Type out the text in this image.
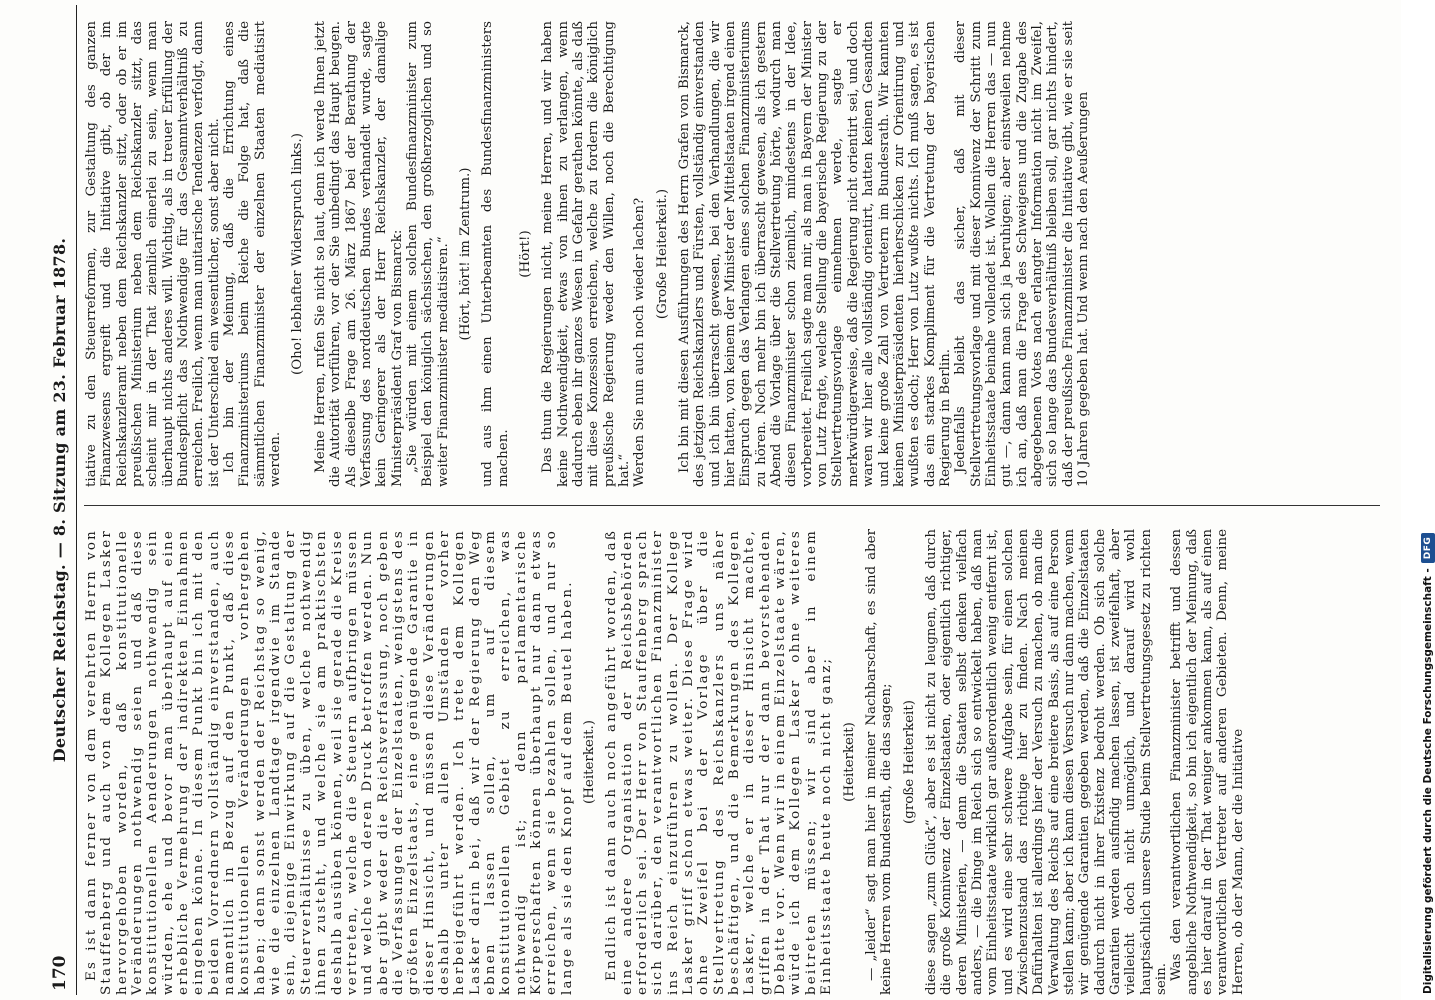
170
Deutscher Reichstag. — 8. Sitzung am 23. Februar 1878. Es ist dann ferner von dem verehrten Herrn von Stauffenberg und auch von dem Kollegen Lasker hervorgehoben worden, daß konstitutionelle Veränderungen nothwendig seien und daß diese konstitutionellen Aenderungen nothwendig sein würden, ehe und bevor man überhaupt auf eine erhebliche Vermehrung der indirekten Einnahmen eingehen könne. In diesem Punkt bin ich mit den beiden Vorrednern vollständig einverstanden, auch namentlich in Bezug auf den Punkt, daß diese konstitutionellen Veränderungen vorhergehen haben; denn sonst werden der Reichstag so wenig, wie die einzelnen Landtage irgendwie im Stande sein, diejenige Einwirkung auf die Gestaltung der Steuerverhältnisse zu üben, welche nothwendig ihnen zusteht, und welche sie am praktischsten deshalb ausüben können, weil sie gerade die Kreise vertreten, welche die Steuern aufbringen müssen und welche von deren Druck betroffen werden. Nun aber gibt weder die Reichsverfassung, noch geben die Verfassungen der Einzelstaaten, wenigstens des größten Einzelstaats, eine genügende Garantie in dieser Hinsicht, und müssen diese Veränderungen deshalb unter allen Umständen vorher herbeigeführt werden. Ich trete dem Kollegen Lasker darin bei, daß wir der Regierung den Weg ebnen lassen sollen, um auf diesem konstitutionellen Gebiet zu erreichen, was nothwendig ist; denn parlamentarische Körperschaften können überhaupt nur dann etwas erreichen, wenn sie bezahlen sollen, und nur so lange als sie den Knopf auf dem Beutel haben. (Heiterkeit.) Endlich ist dann auch noch angeführt worden, daß eine andere Organisation der Reichsbehörden erforderlich sei. Der Herr von Stauffenberg sprach sich darüber, den verantwortlichen Finanzminister ins Reich einzuführen zu wollen. Der Kollege Lasker griff schon etwas weiter. Diese Frage wird ohne Zweifel bei der Vorlage über die Stellvertretung des Reichskanzlers uns näher beschäftigen, und die Bemerkungen des Kollegen Lasker, welche er in dieser Hinsicht machte, griffen in der That nur der dann bevorstehenden Debatte vor. Wenn wir in einem Einzelstaate wären, würde ich dem Kollegen Lasker ohne weiteres beitreten müssen; wir sind aber in einem Einheitsstaate heute noch nicht ganz; (Heiterkeit) — „leider“ sagt man hier in meiner Nachbarschaft, es sind aber keine Herren vom Bundesrath, die das sagen; (große Heiterkeit) diese sagen „zum Glück“, aber es ist nicht zu leugnen, daß durch die große Konnivenz der Einzelstaaten, oder eigentlich richtiger, deren Ministerien, — denn die Staaten selbst denken vielfach anders, — die Dinge im Reich sich so entwickelt haben, daß man vom Einheitsstaate wirklich gar außerordentlich wenig entfernt ist, und es wird eine sehr schwere Aufgabe sein, für einen solchen Zwischenzustand das richtige hier zu finden. Nach meinen Dafürhalten ist allerdings hier der Versuch zu machen, ob man die Verwaltung des Reichs auf eine breitere Basis, als auf eine Person stellen kann; aber ich kann diesen Versuch nur dann machen, wenn wir genügende Garantien gegeben werden, daß die Einzelstaaten dadurch nicht in ihrer Existenz bedroht werden. Ob sich solche Garantien werden ausfindig machen lassen, ist zweifelhaft, aber vielleicht doch nicht unmöglich, und darauf wird wohl hauptsächlich unsere Studie beim Stellvertretungsgesetz zu richten sein. Was den verantwortlichen Finanzminister betrifft und dessen angebliche Nothwendigkeit, so bin ich eigentlich der Meinung, daß es hier darauf in der That weniger ankommen kann, als auf einen verantwortlichen Vertreter auf anderen Gebieten. Denn, meine Herren, ob der Mann, der die Initiative

tiative zu den Steuerreformen, zur Gestaltung des ganzen Finanzwesens ergreift und die Initiative gibt, ob der im Reichskanzleramt neben dem Reichskanzler sitzt, oder ob er im preußischen Ministerium neben dem Reichskanzler sitzt, das scheint mir in der That ziemlich einerlei zu sein, wenn man überhaupt nichts anderes will. Wichtig, als in treuer Erfüllung der Bundespflicht das Nothwendige für das Gesammtverhältniß zu erreichen. Freilich, wenn man unitarische Tendenzen verfolgt, dann ist der Unterschied ein wesentlicher, sonst aber nicht. Ich bin der Meinung, daß die Errichtung eines Finanzministeriums beim Reiche die Folge hat, daß die sämmtlichen Finanzminister der einzelnen Staaten mediatisirt werden.

(Oho! lebhafter Widerspruch links.) Meine Herren, rufen Sie nicht so laut, denn ich werde Ihnen jetzt die Autorität vorführen, vor der Sie unbedingt das Haupt beugen. Als dieselbe Frage am 26. März 1867 bei der Berathung der Verfassung des norddeutschen Bundes verhandelt wurde, sagte kein Geringerer als der Herr Reichskanzler, der damalige Ministerpräsident Graf von Bismarck: „Sie würden mit einem solchen Bundesfinanzminister zum Beispiel den königlich sächsischen, den großherzoglichen und so weiter Finanzminister mediatisiren.“ (Hört, hört! im Zentrum.) und aus ihm einen Unterbeamten des Bundesfinanzministers machen.

(Hört!) Das thun die Regierungen nicht, meine Herren, und wir haben keine Nothwendigkeit, etwas von ihnen zu verlangen, wenn dadurch eben ihr ganzes Wesen in Gefahr gerathen könnte, als daß mit diese Konzession erreichen, welche zu fordern die königlich preußische Regierung weder den Willen, noch die Berechtigung hat.“ Werden Sie nun auch noch wieder lachen? (Große Heiterkeit.) Ich bin mit diesen Ausführungen des Herrn Grafen von Bismarck, des jetzigen Reichskanzlers und Fürsten, vollständig einverstanden und ich bin überrascht gewesen, bei den Verhandlungen, die wir hier hatten, von keinem der Minister der Mittelstaaten irgend einen Einspruch gegen das Verlangen eines solchen Finanzministeriums zu hören. Noch mehr bin ich überrascht gewesen, als ich gestern Abend die Vorlage über die Stellvertretung hörte, wodurch man diesen Finanzminister schon ziemlich, mindestens in der Idee, vorbereitet. Freilich sagte man mir, als man in Bayern der Minister von Lutz fragte, welche Stellung die bayerische Regierung zu der Stellvertretungsvorlage einnehmen werde, sagte er merkwürdigerweise, daß die Regierung nicht orientirt sei, und doch waren wir hier alle vollständig orientirt, hatten keinen Gesandten und keine große Zahl von Vertretern im Bundesrath. Wir kannten keinen Ministerpräsidenten hierherschicken zur Orientirung und wußten es doch; Herr von Lutz wußte nichts. Ich muß sagen, es ist das ein starkes Kompliment für die Vertretung der bayerischen Regierung in Berlin. Jedenfalls bleibt das sicher, daß mit dieser Stellvertretungsvorlage und mit dieser Konnivenz der Schritt zum Einheitsstaate beinahe vollendet ist. Wollen die Herren das — nun gut —, dann kann man sich ja beruhigen; aber einstweilen nehme ich an, daß man die Frage des Schweigens und die Zugabe des abgegebenen Votes nach erlangter Information nicht im Zweifel, sich so lange das Bundesverhältniß bleiben soll, gar nichts hindert, daß der preußische Finanzminister die Initiative gibt, wie er sie seit 10 Jahren gegeben hat. Und wenn nach den Aeußerungen

Digitalisierung gefördert durch die Deutsche Forschungsgemeinschaft -
DFG
